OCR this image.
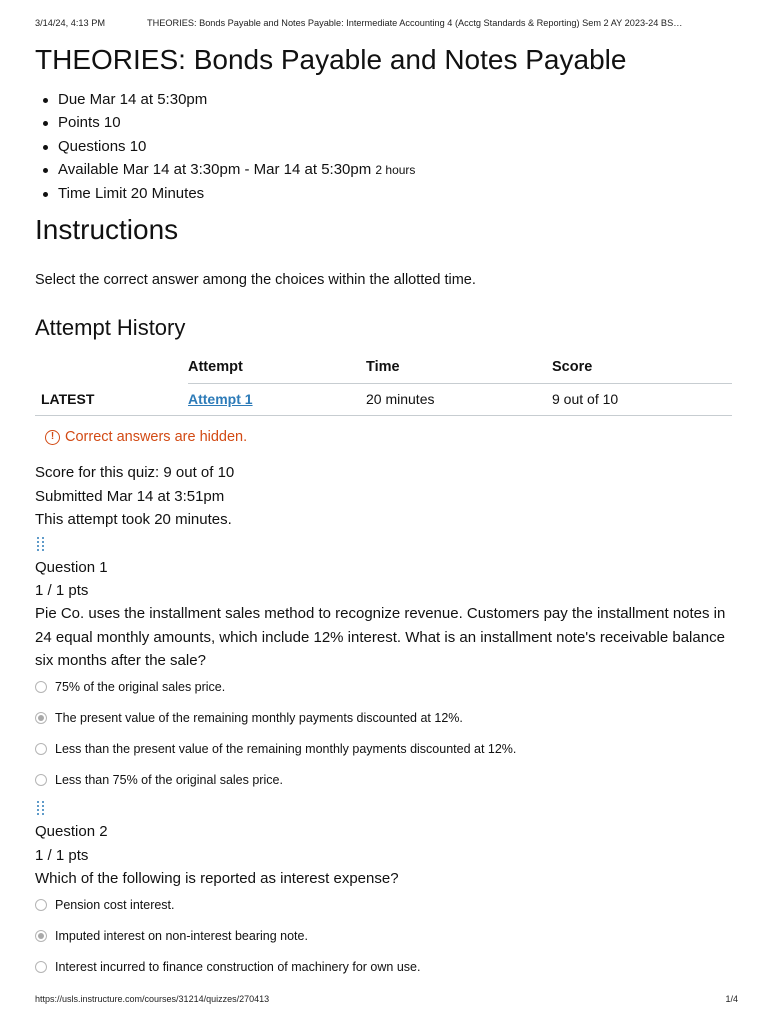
3/14/24, 4:13 PM	THEORIES: Bonds Payable and Notes Payable: Intermediate Accounting 4 (Acctg Standards & Reporting) Sem 2 AY 2023-24 BS…
THEORIES: Bonds Payable and Notes Payable
Due Mar 14 at 5:30pm
Points 10
Questions 10
Available Mar 14 at 3:30pm - Mar 14 at 5:30pm 2 hours
Time Limit 20 Minutes
Instructions

Select the correct answer among the choices within the allotted time.

Attempt History
	Attempt	Time	Score
LATEST	Attempt 1	20 minutes	9 out of 10
! Correct answers are hidden.
Score for this quiz: 9 out of 10
Submitted Mar 14 at 3:51pm
This attempt took 20 minutes.
Question 1
1 / 1 pts
Pie Co. uses the installment sales method to recognize revenue. Customers pay the installment notes in 24 equal monthly amounts, which include 12% interest. What is an installment note's receivable balance six months after the sale?
75% of the original sales price.
The present value of the remaining monthly payments discounted at 12%.
Less than the present value of the remaining monthly payments discounted at 12%.
Less than 75% of the original sales price.
Question 2
1 / 1 pts
Which of the following is reported as interest expense?
Pension cost interest.
Imputed interest on non-interest bearing note.
Interest incurred to finance construction of machinery for own use.
https://usls.instructure.com/courses/31214/quizzes/270413	1/4
